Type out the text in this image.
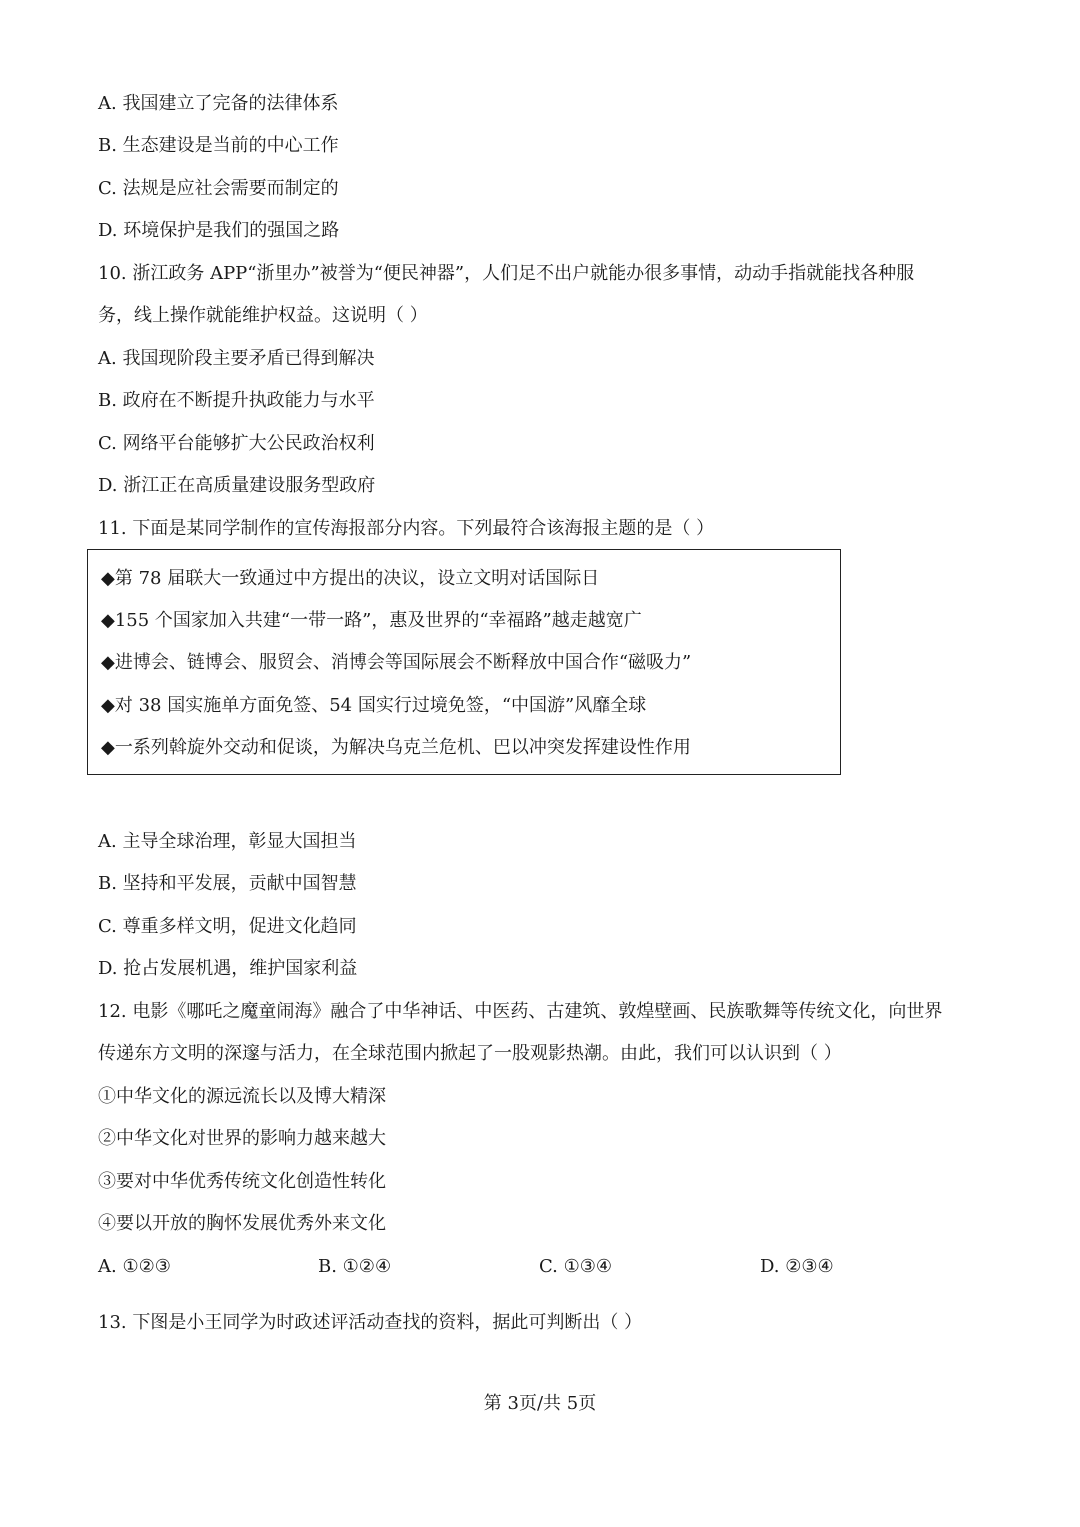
A. 我国建立了完备的法律体系
B. 生态建设是当前的中心工作
C. 法规是应社会需要而制定的
D. 环境保护是我们的强国之路
10. 浙江政务 APP“浙里办”被誉为“便民神器”，人们足不出户就能办很多事情，动动手指就能找各种服
务，线上操作就能维护权益。这说明（ ）
A. 我国现阶段主要矛盾已得到解决
B. 政府在不断提升执政能力与水平
C. 网络平台能够扩大公民政治权利
D. 浙江正在高质量建设服务型政府
11. 下面是某同学制作的宣传海报部分内容。下列最符合该海报主题的是（ ）
◆第 78 届联大一致通过中方提出的决议，设立文明对话国际日
◆155 个国家加入共建“一带一路”，惠及世界的“幸福路”越走越宽广
◆进博会、链博会、服贸会、消博会等国际展会不断释放中国合作“磁吸力”
◆对 38 国实施单方面免签、54 国实行过境免签，“中国游”风靡全球
◆一系列斡旋外交动和促谈，为解决乌克兰危机、巴以冲突发挥建设性作用
A. 主导全球治理，彰显大国担当
B. 坚持和平发展，贡献中国智慧
C. 尊重多样文明，促进文化趋同
D. 抢占发展机遇，维护国家利益
12. 电影《哪吒之魔童闹海》融合了中华神话、中医药、古建筑、敦煌壁画、民族歌舞等传统文化，向世界
传递东方文明的深邃与活力，在全球范围内掀起了一股观影热潮。由此，我们可以认识到（ ）
①中华文化的源远流长以及博大精深
②中华文化对世界的影响力越来越大
③要对中华优秀传统文化创造性转化
④要以开放的胸怀发展优秀外来文化
A. ①②③	B. ①②④	C. ①③④	D. ②③④
13. 下图是小王同学为时政述评活动查找的资料，据此可判断出（ ）
第 3页/共 5页
